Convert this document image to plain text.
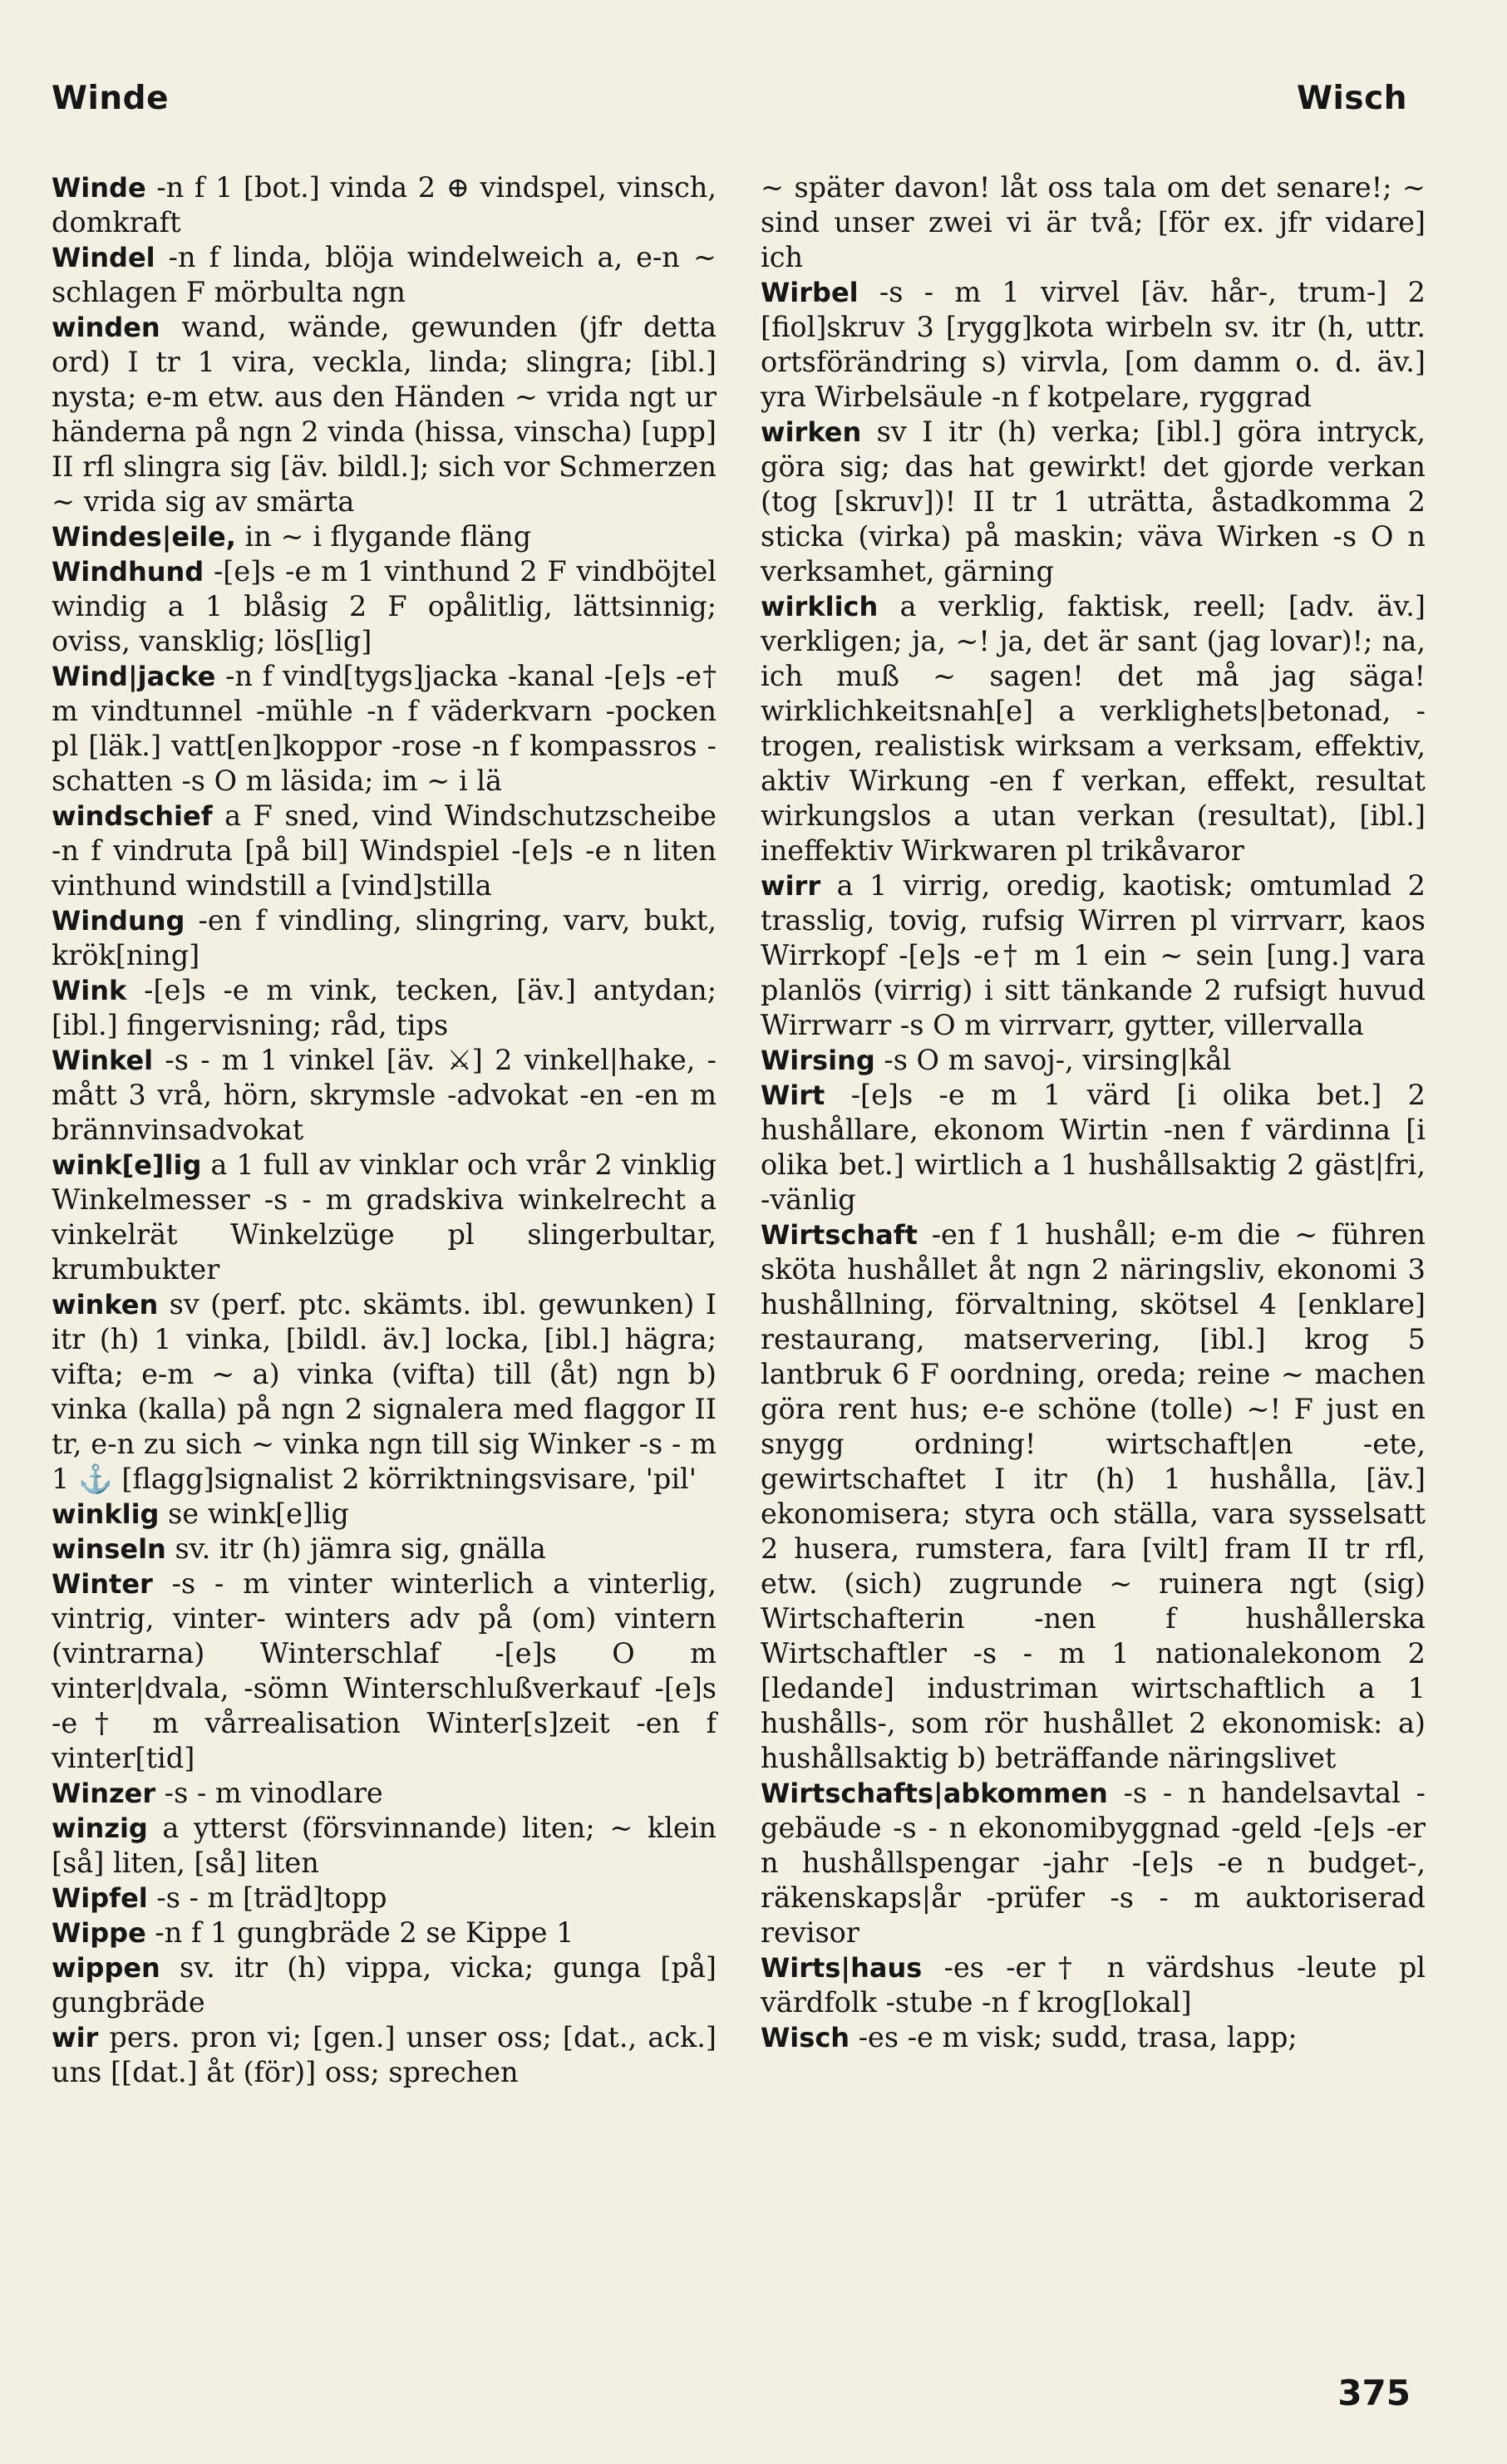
Winde	Wisch

Winde -n f 1 [bot.] vinda 2 ⊕ vindspel, vinsch, domkraft

Windel -n f linda, blöja windelweich a, e-n ~ schlagen F mörbulta ngn

winden wand, wände, gewunden (jfr detta ord) I tr 1 vira, veckla, linda; slingra; [ibl.] nysta; e-m etw. aus den Händen ~ vrida ngt ur händerna på ngn 2 vinda (hissa, vinscha) [upp] II rfl slingra sig [äv. bildl.]; sich vor Schmerzen ~ vrida sig av smärta

Windes|eile, in ~ i flygande fläng

Windhund -[e]s -e m 1 vinthund 2 F vindböjtel windig a 1 blåsig 2 F opålitlig, lättsinnig; oviss, vansklig; lös[lig]

Wind|jacke -n f vind[tygs]jacka -kanal -[e]s -e† m vindtunnel -mühle -n f väderkvarn -pocken pl [läk.] vatt[en]koppor -rose -n f kompassros -schatten -s O m läsida; im ~ i lä

windschief a F sned, vind Windschutzscheibe -n f vindruta [på bil] Windspiel -[e]s -e n liten vinthund windstill a [vind]stilla

Windung -en f vindling, slingring, varv, bukt, krök[ning]

Wink -[e]s -e m vink, tecken, [äv.] antydan; [ibl.] fingervisning; råd, tips

Winkel -s - m 1 vinkel [äv. ⚔] 2 vinkel|hake, -mått 3 vrå, hörn, skrymsle -advokat -en -en m brännvinsadvokat

wink[e]lig a 1 full av vinklar och vrår 2 vinklig Winkelmesser -s - m gradskiva winkelrecht a vinkelrät Winkelzüge pl slingerbultar, krumbukter

winken sv (perf. ptc. skämts. ibl. gewunken) I itr (h) 1 vinka, [bildl. äv.] locka, [ibl.] hägra; vifta; e-m ~ a) vinka (vifta) till (åt) ngn b) vinka (kalla) på ngn 2 signalera med flaggor II tr, e-n zu sich ~ vinka ngn till sig Winker -s - m 1 ⚓ [flagg]signalist 2 körriktningsvisare, 'pil'

winklig se wink[e]lig

winseln sv. itr (h) jämra sig, gnälla

Winter -s - m vinter winterlich a vinterlig, vintrig, vinter- winters adv på (om) vintern (vintrarna) Winterschlaf -[e]s O m vinter|dvala, -sömn Winterschlußverkauf -[e]s -e† m vårrealisation Winter[s]zeit -en f vinter[tid]

Winzer -s - m vinodlare

winzig a ytterst (försvinnande) liten; ~ klein [så] liten, [så] liten

Wipfel -s - m [träd]topp

Wippe -n f 1 gungbräde 2 se Kippe 1

wippen sv. itr (h) vippa, vicka; gunga [på] gungbräde

wir pers. pron vi; [gen.] unser oss; [dat., ack.] uns [[dat.] åt (för)] oss; sprechen

~ später davon! låt oss tala om det senare!; ~ sind unser zwei vi är två; [för ex. jfr vidare] ich

Wirbel -s - m 1 virvel [äv. hår-, trum-] 2 [fiol]skruv 3 [rygg]kota wirbeln sv. itr (h, uttr. ortsförändring s) virvla, [om damm o. d. äv.] yra Wirbelsäule -n f kotpelare, ryggrad

wirken sv I itr (h) verka; [ibl.] göra intryck, göra sig; das hat gewirkt! det gjorde verkan (tog [skruv])! II tr 1 uträtta, åstadkomma 2 sticka (virka) på maskin; väva Wirken -s O n verksamhet, gärning

wirklich a verklig, faktisk, reell; [adv. äv.] verkligen; ja, ~! ja, det är sant (jag lovar)!; na, ich muß ~ sagen! det må jag säga! wirklichkeitsnah[e] a verklighets|betonad, -trogen, realistisk wirksam a verksam, effektiv, aktiv Wirkung -en f verkan, effekt, resultat wirkungslos a utan verkan (resultat), [ibl.] ineffektiv Wirkwaren pl trikåvaror

wirr a 1 virrig, oredig, kaotisk; omtumlad 2 trasslig, tovig, rufsig Wirren pl virrvarr, kaos Wirrkopf -[e]s -e† m 1 ein ~ sein [ung.] vara planlös (virrig) i sitt tänkande 2 rufsigt huvud Wirrwarr -s O m virrvarr, gytter, villervalla

Wirsing -s O m savoj-, virsing|kål

Wirt -[e]s -e m 1 värd [i olika bet.] 2 hushållare, ekonom Wirtin -nen f värdinna [i olika bet.] wirtlich a 1 hushållsaktig 2 gäst|fri, -vänlig

Wirtschaft -en f 1 hushåll; e-m die ~ führen sköta hushållet åt ngn 2 näringsliv, ekonomi 3 hushållning, förvaltning, skötsel 4 [enklare] restaurang, matservering, [ibl.] krog 5 lantbruk 6 F oordning, oreda; reine ~ machen göra rent hus; e-e schöne (tolle) ~! F just en snygg ordning! wirtschaft|en -ete, gewirtschaftet I itr (h) 1 hushålla, [äv.] ekonomisera; styra och ställa, vara sysselsatt 2 husera, rumstera, fara [vilt] fram II tr rfl, etw. (sich) zugrunde ~ ruinera ngt (sig) Wirtschafterin -nen f hushållerska Wirtschaftler -s - m 1 nationalekonom 2 [ledande] industriman wirtschaftlich a 1 hushålls-, som rör hushållet 2 ekonomisk: a) hushållsaktig b) beträffande näringslivet

Wirtschafts|abkommen -s - n handelsavtal -gebäude -s - n ekonomibyggnad -geld -[e]s -er n hushållspengar -jahr -[e]s -e n budget-, räkenskaps|år -prüfer -s - m auktoriserad revisor

Wirts|haus -es -er† n värdshus -leute pl värdfolk -stube -n f krog[lokal]

Wisch -es -e m visk; sudd, trasa, lapp;

375
